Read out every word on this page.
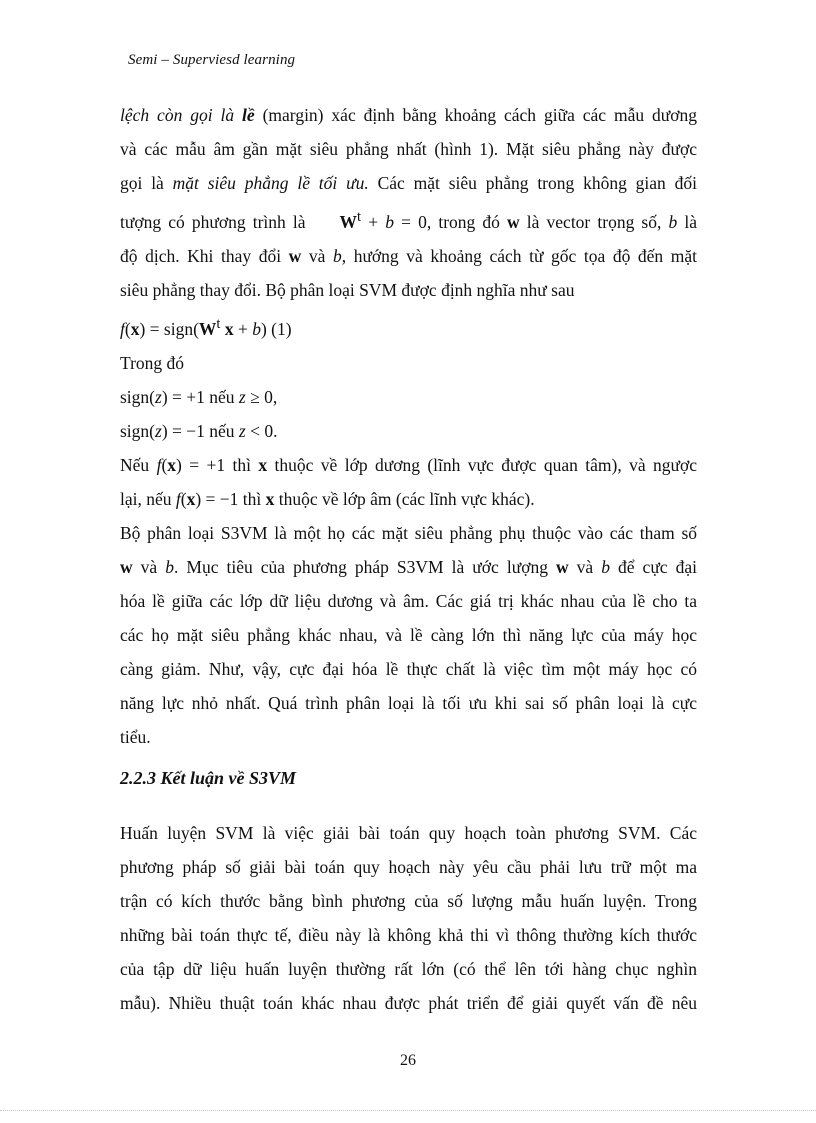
Semi – Superviesd learning
lệch còn gọi là lề (margin) xác định bằng khoảng cách giữa các mẫu dương
và các mẫu âm gần mặt siêu phẳng nhất (hình 1). Mặt siêu phẳng này được
gọi là mặt siêu phẳng lề tối ưu. Các mặt siêu phẳng trong không gian đối
tượng có phương trình là $W^t + b = 0$, trong đó w là vector trọng số, b là
độ dịch. Khi thay đổi w và b, hướng và khoảng cách từ gốc tọa độ đến mặt
siêu phẳng thay đổi. Bộ phân loại SVM được định nghĩa như sau
$f(x) = sign(W^t$ x + b) (1)
Trong đó
sign(z) = +1 nếu z ≥ 0,
sign(z) = −1 nếu z < 0.
Nếu f(x) = +1 thì x thuộc về lớp dương (lĩnh vực được quan tâm), và ngược
lại, nếu f(x) = −1 thì x thuộc về lớp âm (các lĩnh vực khác).
Bộ phân loại S3VM là một họ các mặt siêu phẳng phụ thuộc vào các tham số
w và b. Mục tiêu của phương pháp S3VM là ước lượng w và b để cực đại
hóa lề giữa các lớp dữ liệu dương và âm. Các giá trị khác nhau của lề cho ta
các họ mặt siêu phẳng khác nhau, và lề càng lớn thì năng lực của máy học
càng giảm. Như, vậy, cực đại hóa lề thực chất là việc tìm một máy học có
năng lực nhỏ nhất. Quá trình phân loại là tối ưu khi sai số phân loại là cực
tiểu.
2.2.3 Kết luận về S3VM
Huấn luyện SVM là việc giải bài toán quy hoạch toàn phương SVM. Các
phương pháp số giải bài toán quy hoạch này yêu cầu phải lưu trữ một ma
trận có kích thước bằng bình phương của số lượng mẫu huấn luyện. Trong
những bài toán thực tế, điều này là không khả thi vì thông thường kích thước
của tập dữ liệu huấn luyện thường rất lớn (có thể lên tới hàng chục nghìn
mẫu). Nhiều thuật toán khác nhau được phát triển để giải quyết vấn đề nêu
26
